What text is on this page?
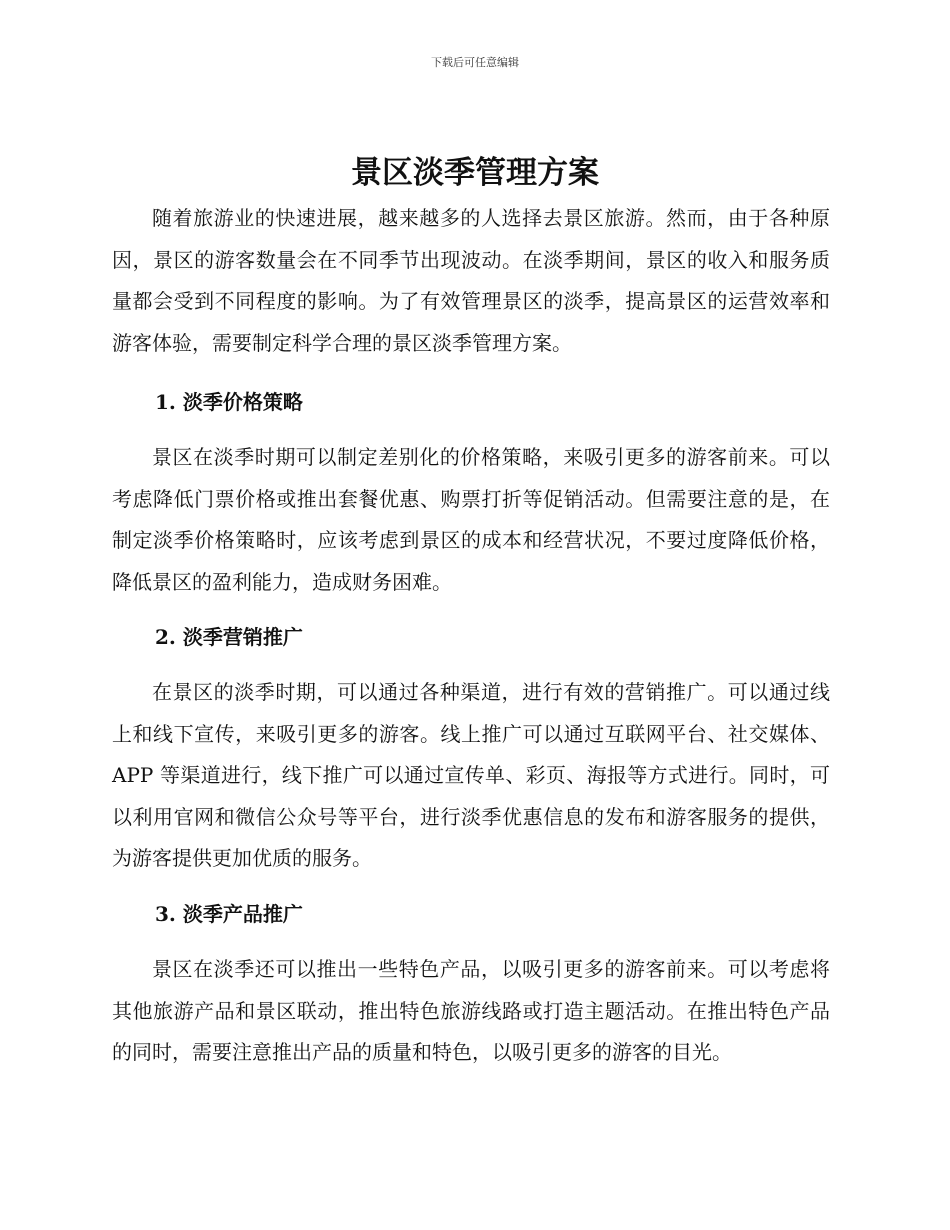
下载后可任意编辑
景区淡季管理方案

随着旅游业的快速进展，越来越多的人选择去景区旅游。然而，由于各种原因，景区的游客数量会在不同季节出现波动。在淡季期间，景区的收入和服务质量都会受到不同程度的影响。为了有效管理景区的淡季，提高景区的运营效率和游客体验，需要制定科学合理的景区淡季管理方案。

1. 淡季价格策略

景区在淡季时期可以制定差别化的价格策略，来吸引更多的游客前来。可以考虑降低门票价格或推出套餐优惠、购票打折等促销活动。但需要注意的是，在制定淡季价格策略时，应该考虑到景区的成本和经营状况，不要过度降低价格，降低景区的盈利能力，造成财务困难。

2. 淡季营销推广

在景区的淡季时期，可以通过各种渠道，进行有效的营销推广。可以通过线上和线下宣传，来吸引更多的游客。线上推广可以通过互联网平台、社交媒体、APP 等渠道进行，线下推广可以通过宣传单、彩页、海报等方式进行。同时，可以利用官网和微信公众号等平台，进行淡季优惠信息的发布和游客服务的提供，为游客提供更加优质的服务。

3. 淡季产品推广

景区在淡季还可以推出一些特色产品，以吸引更多的游客前来。可以考虑将其他旅游产品和景区联动，推出特色旅游线路或打造主题活动。在推出特色产品的同时，需要注意推出产品的质量和特色，以吸引更多的游客的目光。
